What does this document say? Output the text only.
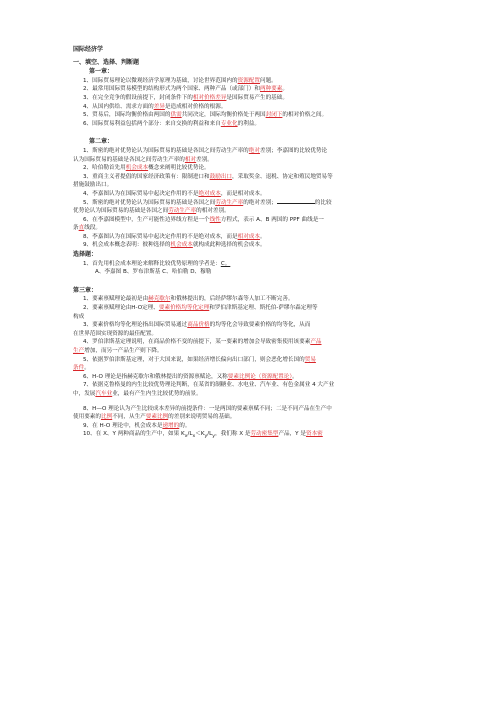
国际经济学
一、填空、选择、判断题
第一章：
1、国际贸易理论以微观经济学原理为基础，讨论世界范围内的资源配置问题。
2、最常用国际贸易模型的结构形式为两个国家、两种产品（或部门）和两种要素。
3、在完全竞争的假设前提下，封闭条件下的相对价格差异是国际贸易产生的基础。
4、从国内供给、需求方面的差异是造成相对价格的根源。
5、贸易后，国际均衡价格由两国的供需共同决定，国际均衡价格处于两国封闭下的相对价格之间。
6、国际贸易利益包括两个部分：来自交换的利益和来自专业化的利益。
第二章：
1、斯密的绝对优势论认为国际贸易的基础是各国之间劳动生产率的绝对差别；李嘉图的比较优势论
认为国际贸易的基础是各国之间劳动生产率的相对差别。
2、哈伯勒首先用机会成本概念来阐明比较优势论。
3、重商主义者提倡的国家经济政策有：限制进口和鼓励出口，采取奖金、退税、协定和殖民地贸易等
措施鼓励出口。
4、李嘉图认为在国际贸易中起决定作用的不是绝对成本，而是相对成本。
5、斯密的绝对优势论认为国际贸易的基础是各国之间劳动生产率的绝对差别；	的比较
优势论认为国际贸易的基础是各国之间劳动生产率的相对差别。
6、在李嘉图模型中，生产可能性边界线方程是一个线性方程式，表示 A、B 两国的 PPF 曲线是一
条直线段。
8、李嘉图认为在国际贸易中起决定作用的不是绝对成本，而是相对成本。
9、机会成本概念表明：彼种选择的机会成本就构成此种选择的机会成本。
选择题：
1、首先用机会成本理论来解释比较优势原理的学者是：C。
A、李嘉图 B、罗布津斯基 C、哈伯勒 D、穆勒
第三章：
1、要素禀赋理论最初是由赫克歇尔和俄林提出的，后经萨缪尔森等人加工不断完善。
2、要素禀赋理论由H-O定理、要素价格均等化定理和罗伯津斯基定理、斯托伯-萨缪尔森定理等
构成
3、要素价格均等化理论指出国际贸易通过商品价格的均等化会导致要素价格的均等化，从而
在世界范围实现资源的最佳配置。
4、罗伯津斯基定理说明，在商品价格不变的前提下，某一要素的增加会导致密集使用该要素产品
生产增加，而另一产品生产则下降。
5、依据罗伯津斯基定理，对于大国来说，如果经济增长偏向出口部门，则会恶化增长国的贸易
条件。
6、H-O 理论是指赫克歇尔和俄林提出的资源禀赋论，又称要素比例论（资源配置论）。
7、依据克鲁格曼的内生比较优势理论判断，在某省的制糖业、水电业、汽车业、有色金属业 4 大产业
中，发展汽车业业，最有产生内生比较优势的前景。
8、H—O 理论认为产生比较成本差异的前提条件：一是两国的要素禀赋不同；二是不同产品在生产中
使用要素的比例不同，从生产要素比例的差别来说明贸易的基础。
9、在 H-O 理论中，机会成本是递增的的。
10、在 X、Y 两种商品的生产中，如果 $K_x/L_x<K_y/L_y$，我们称 X 是劳动密集型产品，Y 是资本密
